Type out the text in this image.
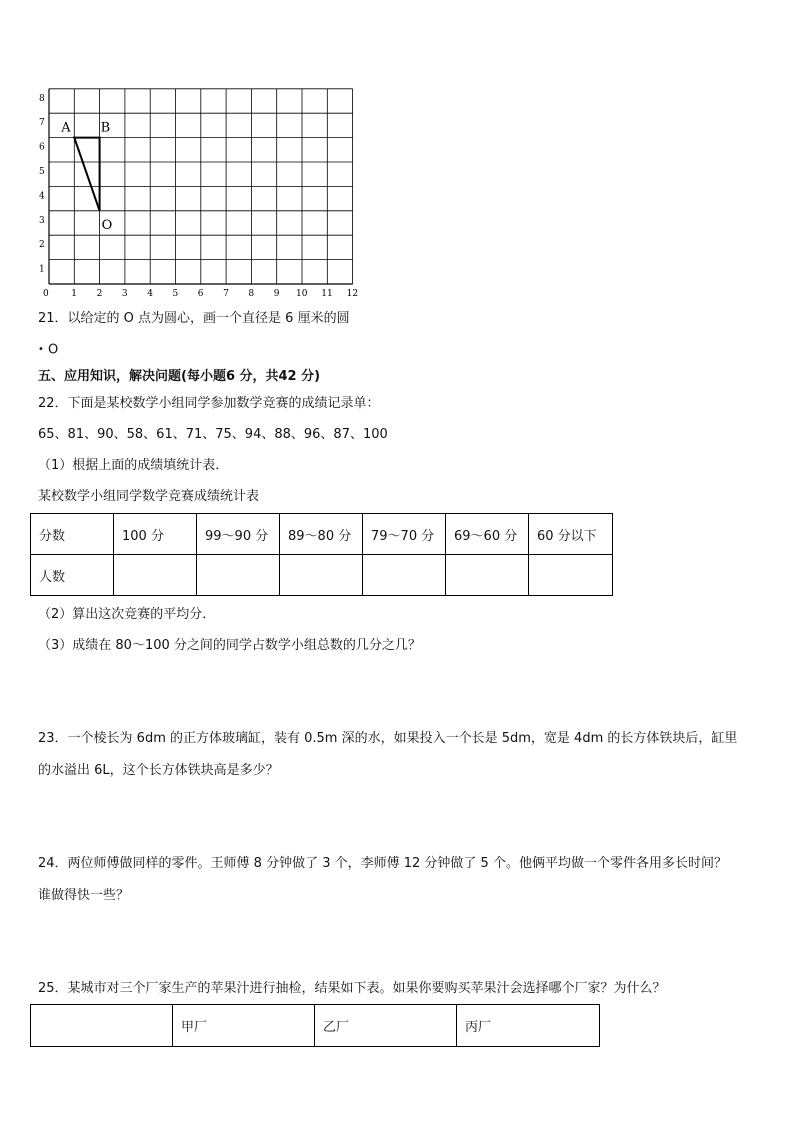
0	1 2 3 4 5 6 7 8 9 10 11 12
1
2
3
4
5
6
7
8
A B
O
21．以给定的 O 点为圆心，画一个直径是 6 厘米的圆
• O
五、应用知识，解决问题(每小题6 分，共42 分)
22．下面是某校数学小组同学参加数学竞赛的成绩记录单：
65、81、90、58、61、71、75、94、88、96、87、100
（1）根据上面的成绩填统计表．
某校数学小组同学数学竞赛成绩统计表
分数	100 分	99～90 分	89～80 分	79～70 分	69～60 分	60 分以下
人数						
（2）算出这次竞赛的平均分．
（3）成绩在 80～100 分之间的同学占数学小组总数的几分之几？
23．一个棱长为 6dm 的正方体玻璃缸，装有 0.5m 深的水，如果投入一个长是 5dm，宽是 4dm 的长方体铁块后，缸里
的水溢出 6L，这个长方体铁块高是多少？
24．两位师傅做同样的零件。王师傅 8 分钟做了 3 个，李师傅 12 分钟做了 5 个。他俩平均做一个零件各用多长时间？
谁做得快一些？
25．某城市对三个厂家生产的苹果汁进行抽检，结果如下表。如果你要购买苹果汁会选择哪个厂家？为什么？
	甲厂	乙厂	丙厂
